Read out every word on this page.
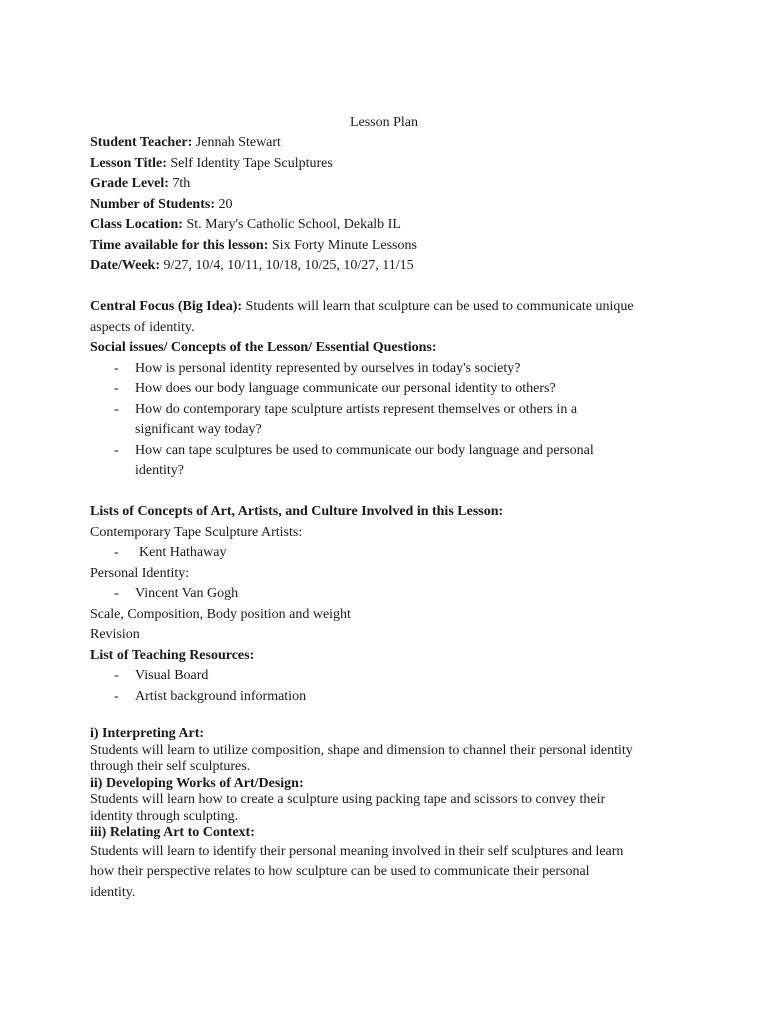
Lesson Plan
Student Teacher: Jennah Stewart
Lesson Title: Self Identity Tape Sculptures
Grade Level: 7th
Number of Students: 20
Class Location: St. Mary's Catholic School, Dekalb IL
Time available for this lesson: Six Forty Minute Lessons
Date/Week: 9/27, 10/4, 10/11, 10/18, 10/25, 10/27, 11/15
Central Focus (Big Idea): Students will learn that sculpture can be used to communicate unique
aspects of identity.
Social issues/ Concepts of the Lesson/ Essential Questions:
- How is personal identity represented by ourselves in today's society?
- How does our body language communicate our personal identity to others?
- How do contemporary tape sculpture artists represent themselves or others in a
significant way today?
- How can tape sculptures be used to communicate our body language and personal
identity?
Lists of Concepts of Art, Artists, and Culture Involved in this Lesson:
Contemporary Tape Sculpture Artists:
- Kent Hathaway
Personal Identity:
- Vincent Van Gogh
Scale, Composition, Body position and weight
Revision
List of Teaching Resources:
- Visual Board
- Artist background information
i) Interpreting Art:
Students will learn to utilize composition, shape and dimension to channel their personal identity
through their self sculptures.
ii) Developing Works of Art/Design:
Students will learn how to create a sculpture using packing tape and scissors to convey their
identity through sculpting.
iii) Relating Art to Context:
Students will learn to identify their personal meaning involved in their self sculptures and learn
how their perspective relates to how sculpture can be used to communicate their personal
identity.
